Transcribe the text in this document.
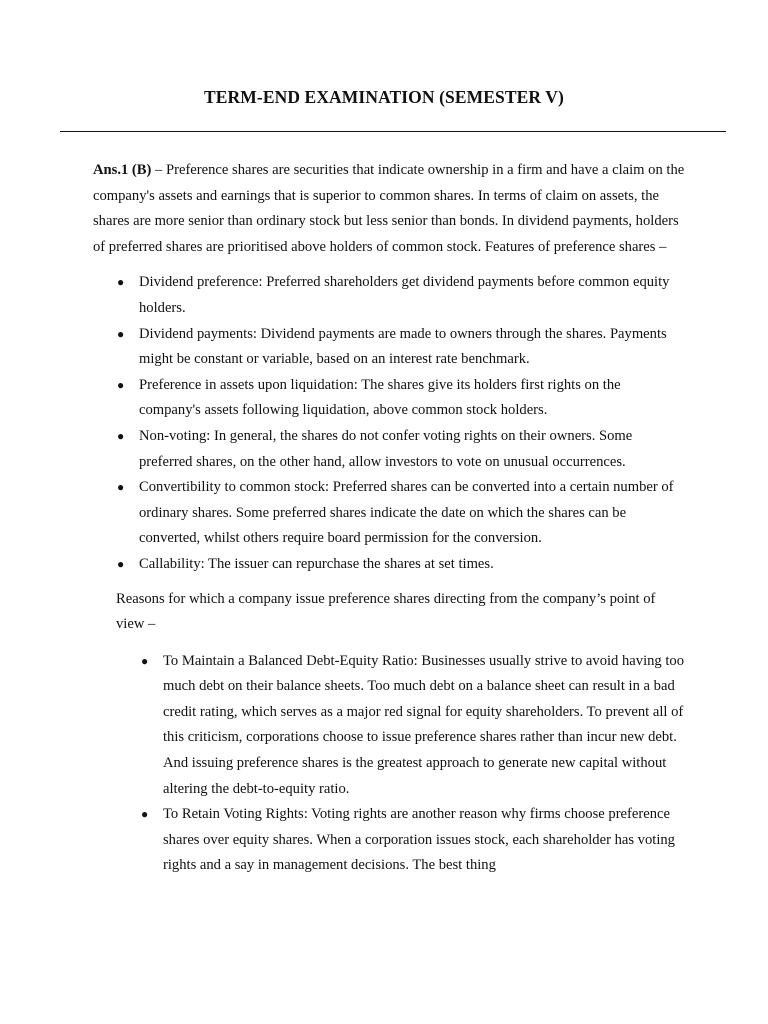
TERM-END EXAMINATION (SEMESTER V)

Ans.1 (B) – Preference shares are securities that indicate ownership in a firm and have a claim on the company's assets and earnings that is superior to common shares. In terms of claim on assets, the shares are more senior than ordinary stock but less senior than bonds. In dividend payments, holders of preferred shares are prioritised above holders of common stock. Features of preference shares –

● Dividend preference: Preferred shareholders get dividend payments before common equity holders.
● Dividend payments: Dividend payments are made to owners through the shares. Payments might be constant or variable, based on an interest rate benchmark.
● Preference in assets upon liquidation: The shares give its holders first rights on the company's assets following liquidation, above common stock holders.
● Non-voting: In general, the shares do not confer voting rights on their owners. Some preferred shares, on the other hand, allow investors to vote on unusual occurrences.
● Convertibility to common stock: Preferred shares can be converted into a certain number of ordinary shares. Some preferred shares indicate the date on which the shares can be converted, whilst others require board permission for the conversion.
● Callability: The issuer can repurchase the shares at set times.

Reasons for which a company issue preference shares directing from the company’s point of view –

● To Maintain a Balanced Debt-Equity Ratio: Businesses usually strive to avoid having too much debt on their balance sheets. Too much debt on a balance sheet can result in a bad credit rating, which serves as a major red signal for equity shareholders. To prevent all of this criticism, corporations choose to issue preference shares rather than incur new debt. And issuing preference shares is the greatest approach to generate new capital without altering the debt-to-equity ratio.
● To Retain Voting Rights: Voting rights are another reason why firms choose preference shares over equity shares. When a corporation issues stock, each shareholder has voting rights and a say in management decisions. The best thing
